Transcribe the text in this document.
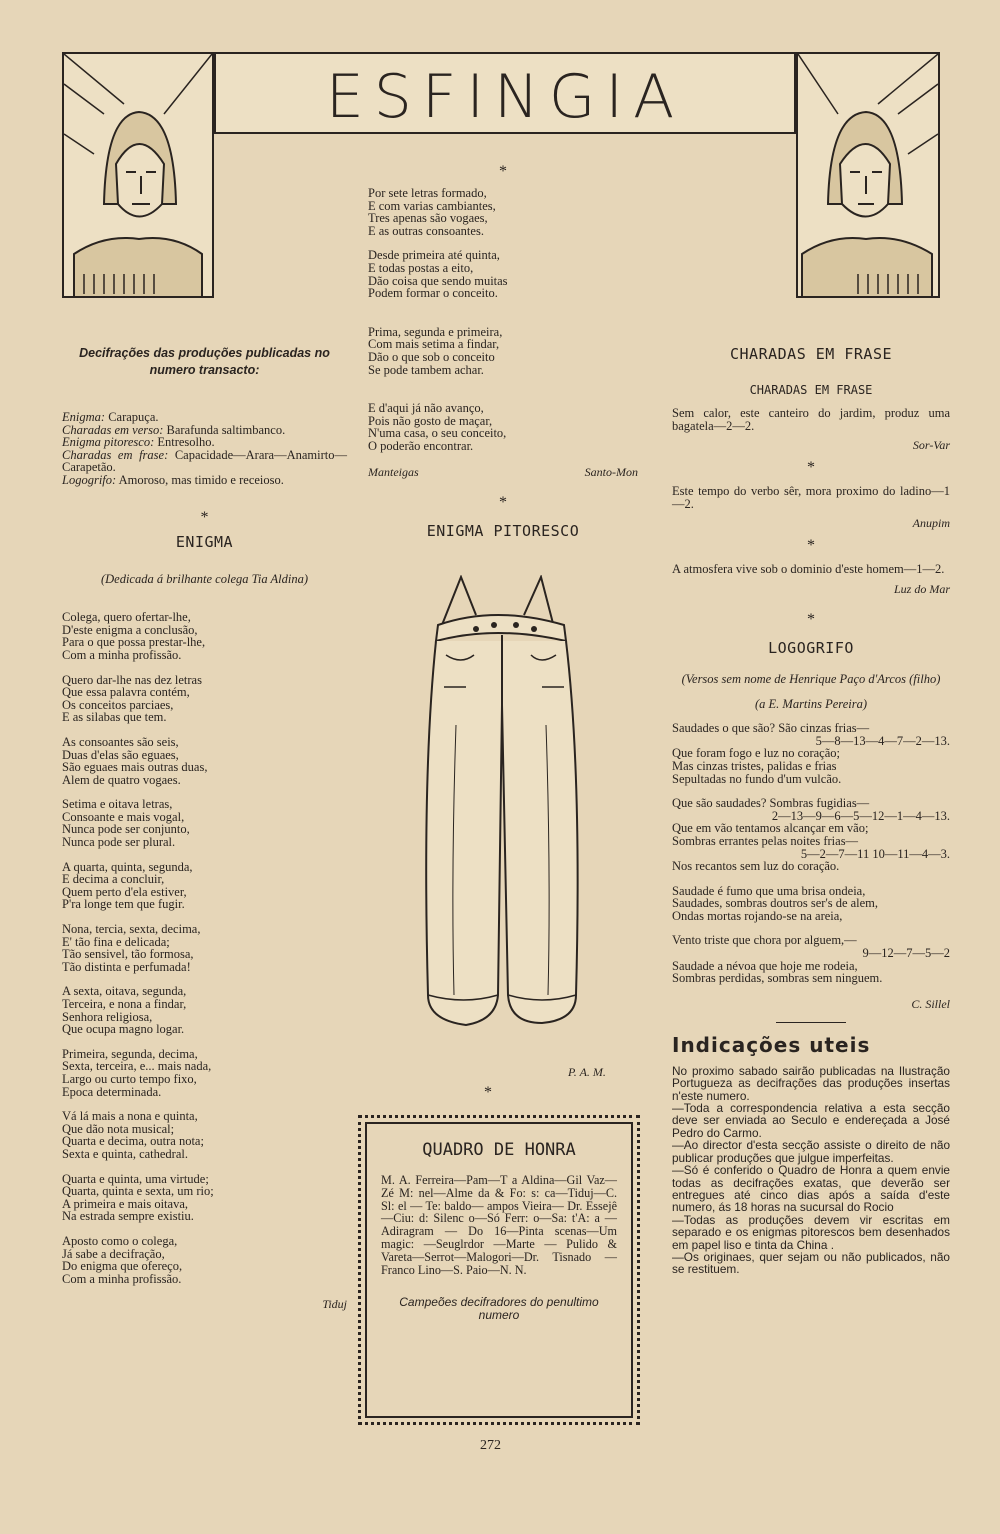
ESFINGIA
Decifrações das produções publicadas no numero transacto:
Enigma: Carapuça.
Charadas em verso: Barafunda saltimbanco.
Enigma pitoresco: Entresolho.
Charadas em frase: Capacidade—Arara—Anamirto—Carapetão.
Logogrifo: Amoroso, mas timido e receioso.
*
ENIGMA
(Dedicada á brilhante colega Tia Aldina)
Colega, quero ofertar-lhe,
D'este enigma a conclusão,
Para o que possa prestar-lhe,
Com a minha profissão.
Quero dar-lhe nas dez letras
Que essa palavra contém,
Os conceitos parciaes,
E as silabas que tem.
As consoantes são seis,
Duas d'elas são eguaes,
São eguaes mais outras duas,
Alem de quatro vogaes.
Setima e oitava letras,
Consoante e mais vogal,
Nunca pode ser conjunto,
Nunca pode ser plural.
A quarta, quinta, segunda,
E decima a concluir,
Quem perto d'ela estiver,
P'ra longe tem que fugir.
Nona, tercia, sexta, decima,
E' tão fina e delicada;
Tão sensivel, tão formosa,
Tão distinta e perfumada!
A sexta, oitava, segunda,
Terceira, e nona a findar,
Senhora religiosa,
Que ocupa magno logar.
Primeira, segunda, decima,
Sexta, terceira, e... mais nada,
Largo ou curto tempo fixo,
Epoca determinada.
Vá lá mais a nona e quinta,
Que dão nota musical;
Quarta e decima, outra nota;
Sexta e quinta, cathedral.
Quarta e quinta, uma virtude;
Quarta, quinta e sexta, um rio;
A primeira e mais oitava,
Na estrada sempre existiu.
Aposto como o colega,
Já sabe a decifração,
Do enigma que ofereço,
Com a minha profissão.
Tiduj
*
Por sete letras formado,
E com varias cambiantes,
Tres apenas são vogaes,
E as outras consoantes.
Desde primeira até quinta,
E todas postas a eito,
Dão coisa que sendo muitas
Podem formar o conceito.
Prima, segunda e primeira,
Com mais setima a findar,
Dão o que sob o conceito
Se pode tambem achar.
E d'aqui já não avanço,
Pois não gosto de maçar,
N'uma casa, o seu conceito,
O poderão encontrar.
Manteigas	Santo-Mon
*
ENIGMA PITORESCO
P. A. M.
*
QUADRO DE HONRA
M. A. Ferreira—Pam—T a Aldina—Gil Vaz—Zé M: nel—Alme da & Fo: s: ca—Tiduj—C. Sl: el — Te: baldo— ampos Vieira— Dr. Essejê—Ciu: d: Silenc o—Só Ferr: o—Sa: t'A: a — Adiragram — Do 16—Pinta scenas—Um magic: —Seuglrdor —Marte — Pulido & Vareta—Serrot—Malogori—Dr. Tisnado —Franco Lino—S. Paio—N. N.
Campeões decifradores do penultimo numero
272
CHARADAS EM FRASE
CHARADAS EM FRASE
Sem calor, este canteiro do jardim, produz uma bagatela—2—2.
Sor-Var
*
Este tempo do verbo sêr, mora proximo do ladino—1—2.
Anupim
*
A atmosfera vive sob o dominio d'este homem—1—2.
Luz do Mar
*
LOGOGRIFO
(Versos sem nome de Henrique Paço d'Arcos (filho)
(a E. Martins Pereira)
Saudades o que são? São cinzas frias—
5—8—13—4—7—2—13.
Que foram fogo e luz no coração;
Mas cinzas tristes, palidas e frias
Sepultadas no fundo d'um vulcão.
Que são saudades? Sombras fugidias—
2—13—9—6—5—12—1—4—13.
Que em vão tentamos alcançar em vão;
Sombras errantes pelas noites frias—
5—2—7—11 10—11—4—3.
Nos recantos sem luz do coração.
Saudade é fumo que uma brisa ondeia,
Saudades, sombras doutros ser's de alem,
Ondas mortas rojando-se na areia,
Vento triste que chora por alguem,—
9—12—7—5—2
Saudade a névoa que hoje me rodeia,
Sombras perdidas, sombras sem ninguem.
C. Sillel
Indicações uteis
No proximo sabado sairão publicadas na Ilustração Portugueza as decifrações das produções insertas n'este numero.
—Toda a correspondencia relativa a esta secção deve ser enviada ao Seculo e endereçada a José Pedro do Carmo.
—Ao director d'esta secção assiste o direito de não publicar produções que julgue imperfeitas.
—Só é conferido o Quadro de Honra a quem envie todas as decifrações exatas, que deverão ser entregues até cinco dias após a saída d'este numero, ás 18 horas na sucursal do Rocio
—Todas as produções devem vir escritas em separado e os enigmas pitorescos bem desenhados em papel liso e tinta da China .
—Os originaes, quer sejam ou não publicados, não se restituem.
